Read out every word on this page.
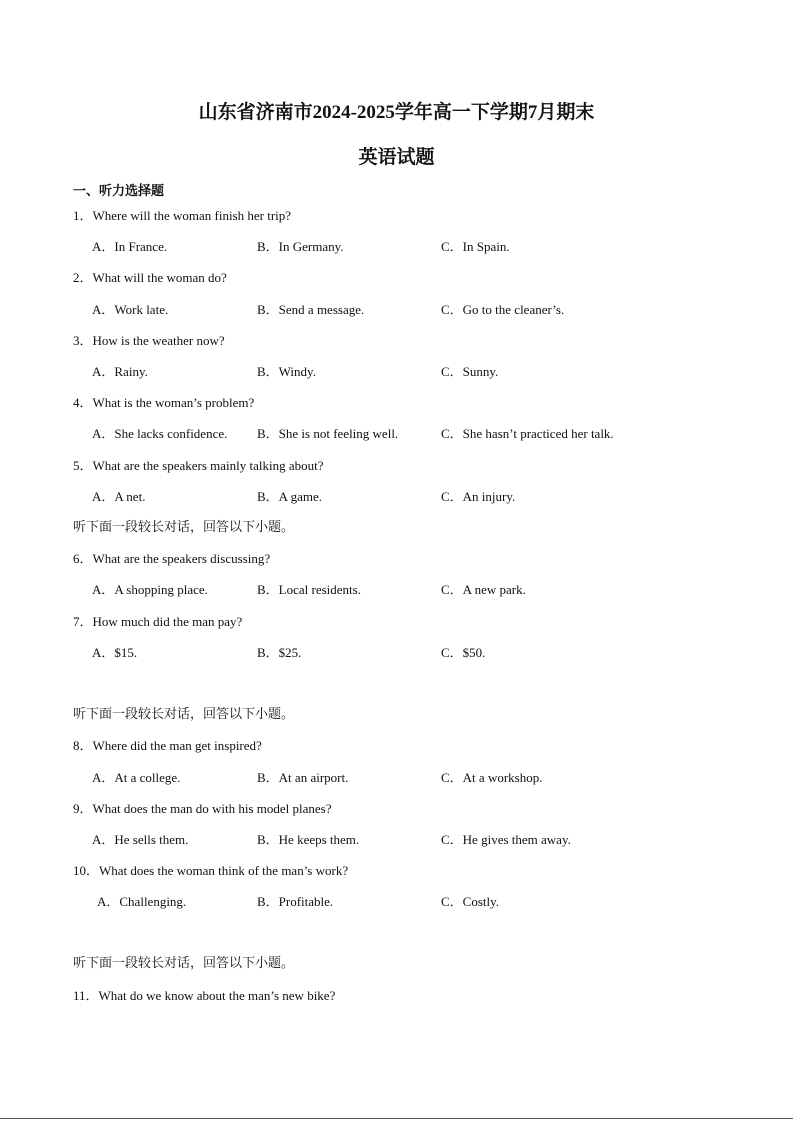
山东省济南市2024-2025学年高一下学期7月期末
英语试题
一、听力选择题
1．Where will the woman finish her trip?
A．In France.	B．In Germany.	C．In Spain.
2．What will the woman do?
A．Work late.	B．Send a message.	C．Go to the cleaner’s.
3．How is the weather now?
A．Rainy.	B．Windy.	C．Sunny.
4．What is the woman’s problem?
A．She lacks confidence. B．She is not feeling well.	C．She hasn’t practiced her talk.
5．What are the speakers mainly talking about?
A．A net.	B．A game.	C．An injury.
听下面一段较长对话，回答以下小题。
6．What are the speakers discussing?
A．A shopping place.	B．Local residents.	C．A new park.
7．How much did the man pay?
A．$15.	B．$25.	C．$50.
听下面一段较长对话，回答以下小题。
8．Where did the man get inspired?
A．At a college.	B．At an airport.	C．At a workshop.
9．What does the man do with his model planes?
A．He sells them.	B．He keeps them.	C．He gives them away.
10．What does the woman think of the man’s work?
A．Challenging.	B．Profitable.	C．Costly.
听下面一段较长对话，回答以下小题。
11．What do we know about the man’s new bike?
